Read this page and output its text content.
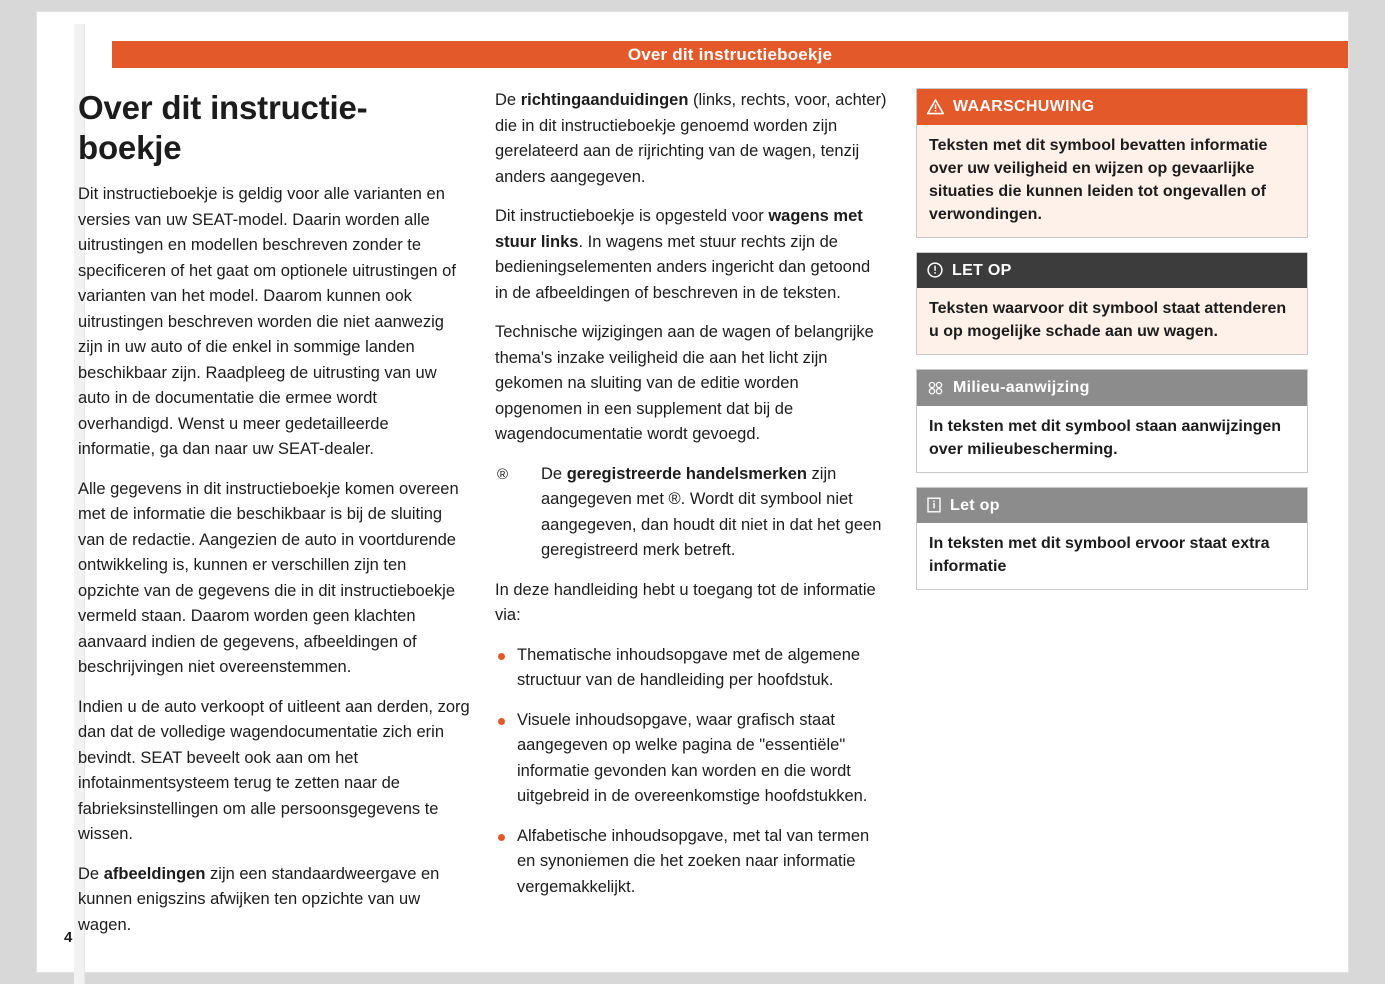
Over dit instructieboekje
Over dit instructie-boekje

Dit instructieboekje is geldig voor alle varianten en versies van uw SEAT-model. Daarin worden alle uitrustingen en modellen beschreven zonder te specificeren of het gaat om optionele uitrustingen of varianten van het model. Daarom kunnen ook uitrustingen beschreven worden die niet aanwezig zijn in uw auto of die enkel in sommige landen beschikbaar zijn. Raadpleeg de uitrusting van uw auto in de documentatie die ermee wordt overhandigd. Wenst u meer gedetailleerde informatie, ga dan naar uw SEAT-dealer.

Alle gegevens in dit instructieboekje komen overeen met de informatie die beschikbaar is bij de sluiting van de redactie. Aangezien de auto in voortdurende ontwikkeling is, kunnen er verschillen zijn ten opzichte van de gegevens die in dit instructieboekje vermeld staan. Daarom worden geen klachten aanvaard indien de gegevens, afbeeldingen of beschrijvingen niet overeenstemmen.

Indien u de auto verkoopt of uitleent aan derden, zorg dan dat de volledige wagendocumentatie zich erin bevindt. SEAT beveelt ook aan om het infotainmentsysteem terug te zetten naar de fabrieksinstellingen om alle persoonsgegevens te wissen.

De afbeeldingen zijn een standaardweergave en kunnen enigszins afwijken ten opzichte van uw wagen.

De richtingaanduidingen (links, rechts, voor, achter) die in dit instructieboekje genoemd worden zijn gerelateerd aan de rijrichting van de wagen, tenzij anders aangegeven.

Dit instructieboekje is opgesteld voor wagens met stuur links. In wagens met stuur rechts zijn de bedieningselementen anders ingericht dan getoond in de afbeeldingen of beschreven in de teksten.

Technische wijzigingen aan de wagen of belangrijke thema's inzake veiligheid die aan het licht zijn gekomen na sluiting van de editie worden opgenomen in een supplement dat bij de wagendocumentatie wordt gevoegd.

® De geregistreerde handelsmerken zijn aangegeven met ®. Wordt dit symbool niet aangegeven, dan houdt dit niet in dat het geen geregistreerd merk betreft.

In deze handleiding hebt u toegang tot de informatie via:

Thematische inhoudsopgave met de algemene structuur van de handleiding per hoofdstuk.
Visuele inhoudsopgave, waar grafisch staat aangegeven op welke pagina de "essentiële" informatie gevonden kan worden en die wordt uitgebreid in de overeenkomstige hoofdstukken.
Alfabetische inhoudsopgave, met tal van termen en synoniemen die het zoeken naar informatie vergemakkelijkt.
WAARSCHUWING
Teksten met dit symbool bevatten informatie over uw veiligheid en wijzen op gevaarlijke situaties die kunnen leiden tot ongevallen of verwondingen.
LET OP
Teksten waarvoor dit symbool staat attenderen u op mogelijke schade aan uw wagen.
Milieu-aanwijzing
In teksten met dit symbool staan aanwijzingen over milieubescherming.
Let op
In teksten met dit symbool ervoor staat extra informatie
4
